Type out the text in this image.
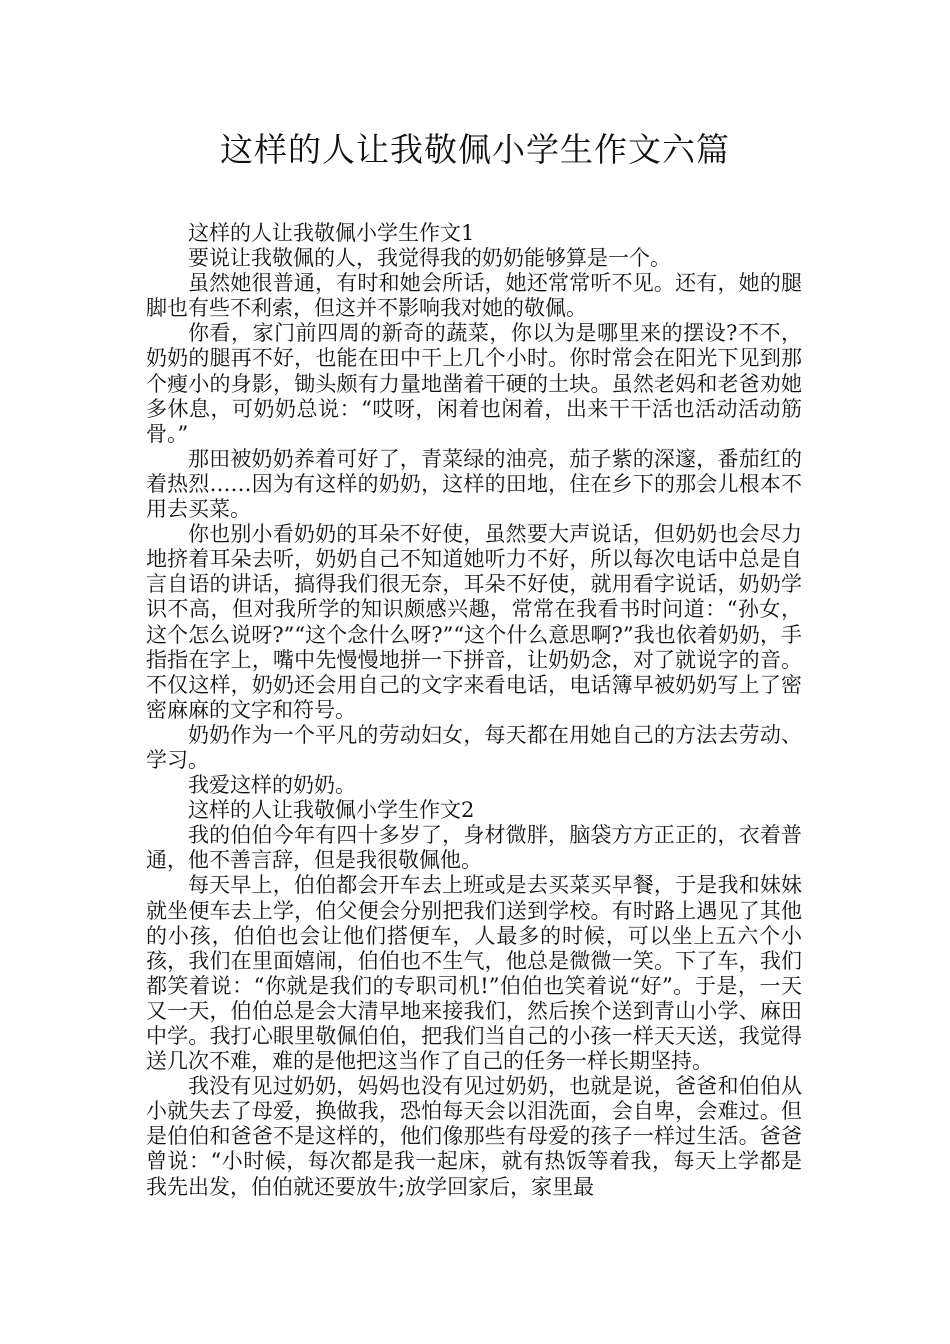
这样的人让我敬佩小学生作文六篇

这样的人让我敬佩小学生作文1

要说让我敬佩的人，我觉得我的奶奶能够算是一个。

虽然她很普通，有时和她会所话，她还常常听不见。还有，她的腿脚也有些不利索，但这并不影响我对她的敬佩。

你看，家门前四周的新奇的蔬菜，你以为是哪里来的摆设?不不，奶奶的腿再不好，也能在田中干上几个小时。你时常会在阳光下见到那个瘦小的身影，锄头颇有力量地凿着干硬的土块。虽然老妈和老爸劝她多休息，可奶奶总说：“哎呀，闲着也闲着，出来干干活也活动活动筋骨。”

那田被奶奶养着可好了，青菜绿的油亮，茄子紫的深邃，番茄红的着热烈……因为有这样的奶奶，这样的田地，住在乡下的那会儿根本不用去买菜。

你也别小看奶奶的耳朵不好使，虽然要大声说话，但奶奶也会尽力地挤着耳朵去听，奶奶自己不知道她听力不好，所以每次电话中总是自言自语的讲话，搞得我们很无奈，耳朵不好使，就用看字说话，奶奶学识不高，但对我所学的知识颇感兴趣，常常在我看书时问道：“孙女，这个怎么说呀?”“这个念什么呀?”“这个什么意思啊?”我也依着奶奶，手指指在字上，嘴中先慢慢地拼一下拼音，让奶奶念，对了就说字的音。不仅这样，奶奶还会用自己的文字来看电话，电话簿早被奶奶写上了密密麻麻的文字和符号。

奶奶作为一个平凡的劳动妇女，每天都在用她自己的方法去劳动、学习。

我爱这样的奶奶。

这样的人让我敬佩小学生作文2

我的伯伯今年有四十多岁了，身材微胖，脑袋方方正正的，衣着普通，他不善言辞，但是我很敬佩他。

每天早上，伯伯都会开车去上班或是去买菜买早餐，于是我和妹妹就坐便车去上学，伯父便会分别把我们送到学校。有时路上遇见了其他的小孩，伯伯也会让他们搭便车，人最多的时候，可以坐上五六个小孩，我们在里面嬉闹，伯伯也不生气，他总是微微一笑。下了车，我们都笑着说：“你就是我们的专职司机!”伯伯也笑着说“好”。于是，一天又一天，伯伯总是会大清早地来接我们，然后挨个送到青山小学、麻田中学。我打心眼里敬佩伯伯，把我们当自己的小孩一样天天送，我觉得送几次不难，难的是他把这当作了自己的任务一样长期坚持。

我没有见过奶奶，妈妈也没有见过奶奶，也就是说，爸爸和伯伯从小就失去了母爱，换做我，恐怕每天会以泪洗面，会自卑，会难过。但是伯伯和爸爸不是这样的，他们像那些有母爱的孩子一样过生活。爸爸曾说：“小时候，每次都是我一起床，就有热饭等着我，每天上学都是我先出发，伯伯就还要放牛;放学回家后，家里最
